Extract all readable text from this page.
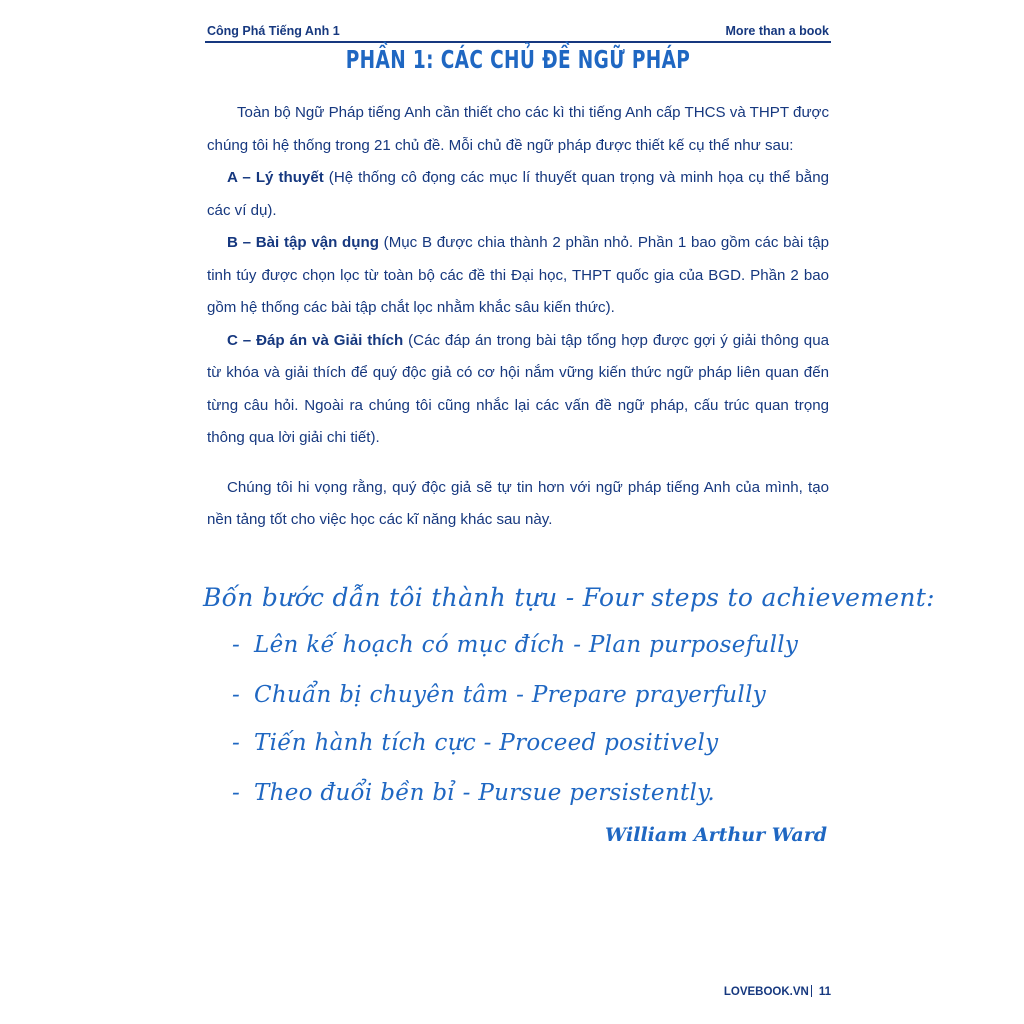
Công Phá Tiếng Anh 1	More than a book
PHẦN 1: CÁC CHỦ ĐỀ NGỮ PHÁP

Toàn bộ Ngữ Pháp tiếng Anh cần thiết cho các kì thi tiếng Anh cấp THCS và THPT được chúng tôi hệ thống trong 21 chủ đề. Mỗi chủ đề ngữ pháp được thiết kế cụ thể như sau:

A – Lý thuyết (Hệ thống cô đọng các mục lí thuyết quan trọng và minh họa cụ thể bằng các ví dụ).

B – Bài tập vận dụng (Mục B được chia thành 2 phần nhỏ. Phần 1 bao gồm các bài tập tinh túy được chọn lọc từ toàn bộ các đề thi Đại học, THPT quốc gia của BGD. Phần 2 bao gồm hệ thống các bài tập chắt lọc nhằm khắc sâu kiến thức).

C – Đáp án và Giải thích (Các đáp án trong bài tập tổng hợp được gợi ý giải thông qua từ khóa và giải thích để quý độc giả có cơ hội nắm vững kiến thức ngữ pháp liên quan đến từng câu hỏi. Ngoài ra chúng tôi cũng nhắc lại các vấn đề ngữ pháp, cấu trúc quan trọng thông qua lời giải chi tiết).

Chúng tôi hi vọng rằng, quý độc giả sẽ tự tin hơn với ngữ pháp tiếng Anh của mình, tạo nền tảng tốt cho việc học các kĩ năng khác sau này.

Bốn bước dẫn tôi thành tựu - Four steps to achievement:
- Lên kế hoạch có mục đích - Plan purposefully
- Chuẩn bị chuyên tâm - Prepare prayerfully
- Tiến hành tích cực - Proceed positively
- Theo đuổi bền bỉ - Pursue persistently.
William Arthur Ward
LOVEBOOK.VN 11
